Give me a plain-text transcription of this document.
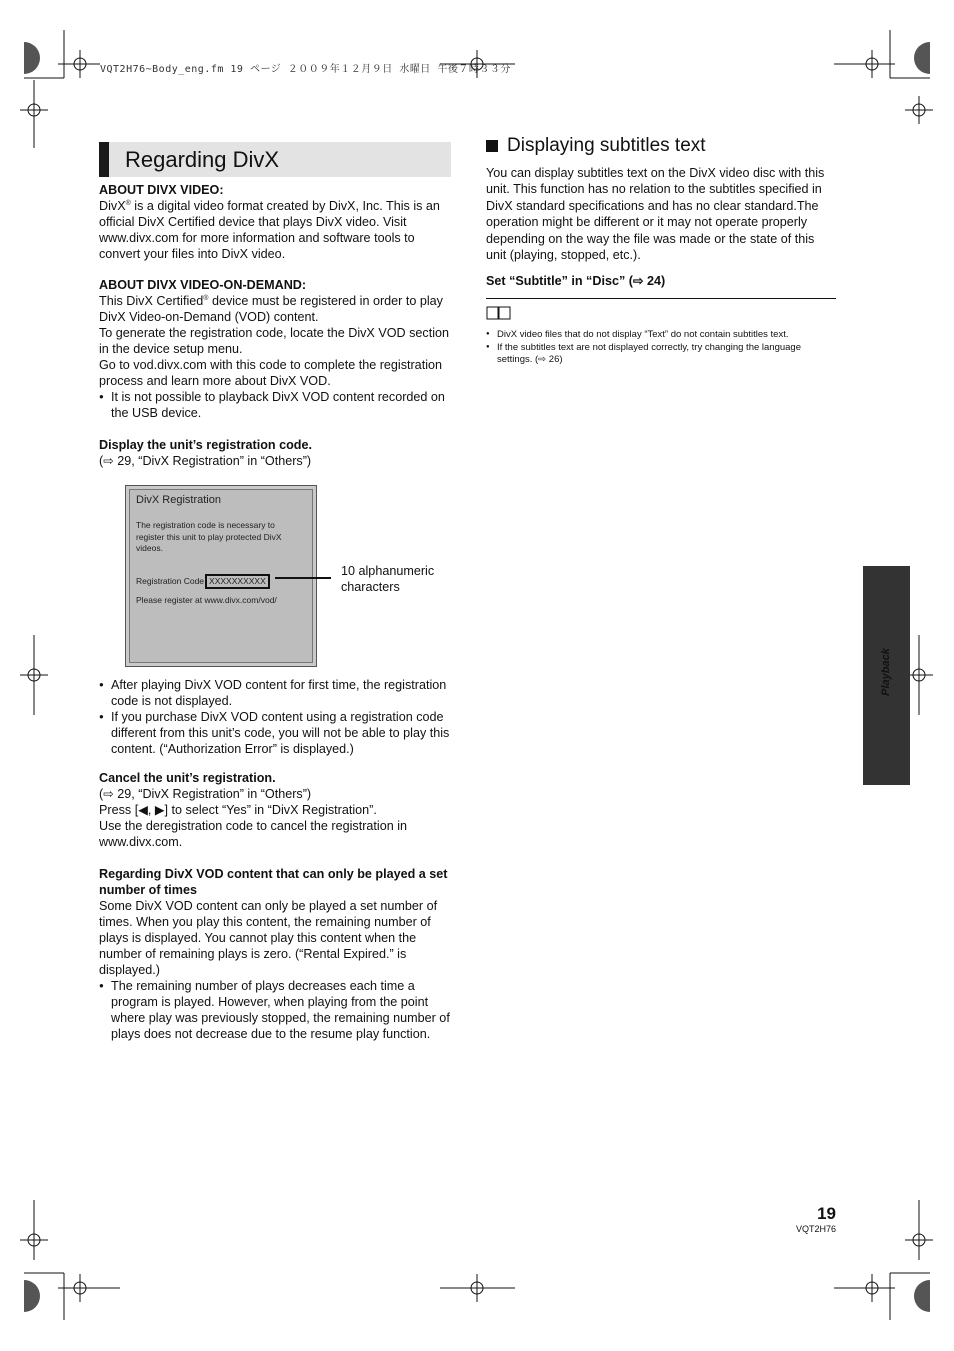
VQT2H76~Body_eng.fm 19 ページ ２００９年１２月９日 水曜日 午後７時３３分
Regarding DivX
ABOUT DIVX VIDEO:
DivX® is a digital video format created by DivX, Inc. This is an official DivX Certified device that plays DivX video. Visit www.divx.com for more information and software tools to convert your files into DivX video.
ABOUT DIVX VIDEO-ON-DEMAND:
This DivX Certified® device must be registered in order to play DivX Video-on-Demand (VOD) content.
To generate the registration code, locate the DivX VOD section in the device setup menu.
Go to vod.divx.com with this code to complete the registration process and learn more about DivX VOD.
● It is not possible to playback DivX VOD content recorded on the USB device.
Display the unit’s registration code.
(⇨ 29, “DivX Registration” in “Others”)
DivX Registration
The registration code is necessary to register this unit to play protected DivX videos.
Registration Code XXXXXXXXXX
Please register at www.divx.com/vod/
10 alphanumeric characters
● After playing DivX VOD content for first time, the registration code is not displayed.
● If you purchase DivX VOD content using a registration code different from this unit’s code, you will not be able to play this content. (“Authorization Error” is displayed.)
Cancel the unit’s registration.
(⇨ 29, “DivX Registration” in “Others”)
Press [◀, ▶] to select “Yes” in “DivX Registration”.
Use the deregistration code to cancel the registration in www.divx.com.
Regarding DivX VOD content that can only be played a set number of times
Some DivX VOD content can only be played a set number of times. When you play this content, the remaining number of plays is displayed. You cannot play this content when the number of remaining plays is zero. (“Rental Expired.” is displayed.)
● The remaining number of plays decreases each time a program is played. However, when playing from the point where play was previously stopped, the remaining number of plays does not decrease due to the resume play function.
Displaying subtitles text
You can display subtitles text on the DivX video disc with this unit. This function has no relation to the subtitles specified in DivX standard specifications and has no clear standard.The operation might be different or it may not operate properly depending on the way the file was made or the state of this unit (playing, stopped, etc.).
Set “Subtitle” in “Disc” (⇨ 24)
● DivX video files that do not display “Text” do not contain subtitles text.
● If the subtitles text are not displayed correctly, try changing the language settings. (⇨ 26)
Playback
19
VQT2H76
